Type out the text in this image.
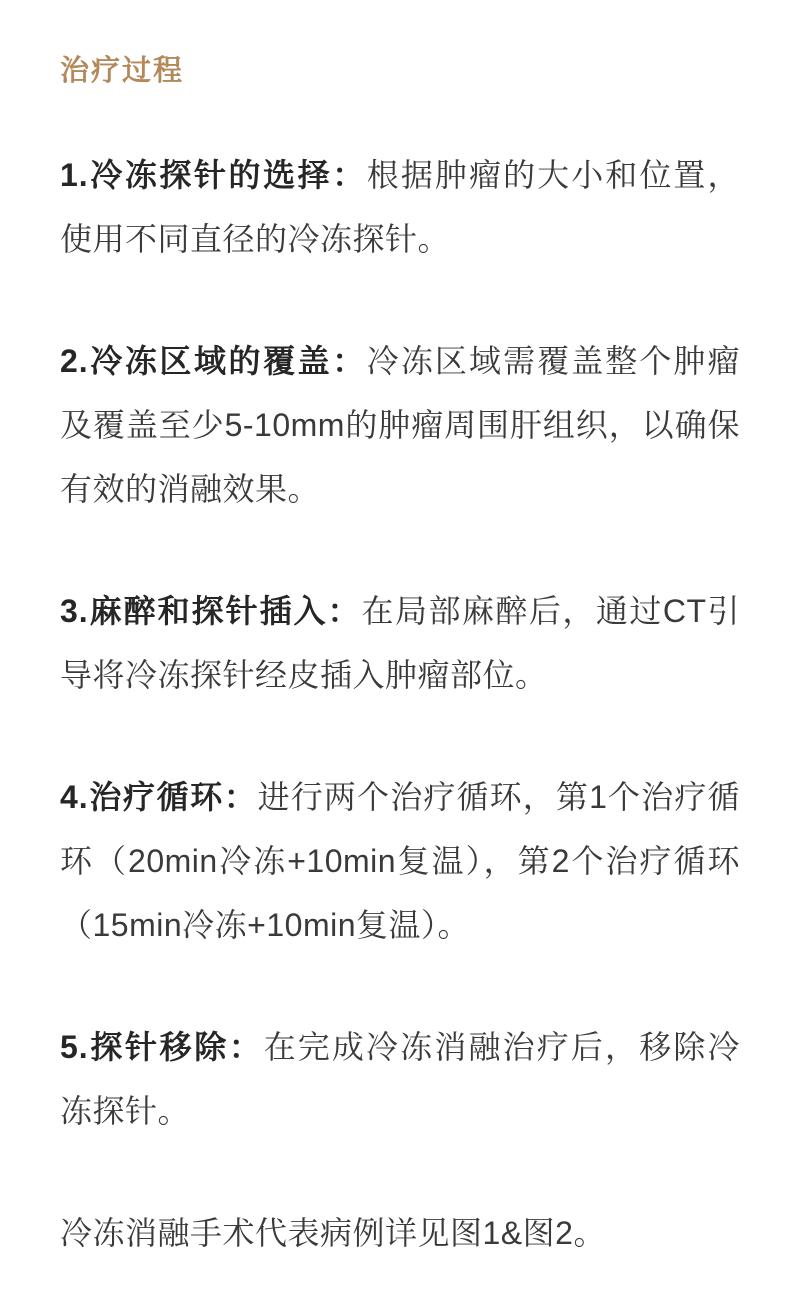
治疗过程

1.冷冻探针的选择：根据肿瘤的大小和位置，使用不同直径的冷冻探针。

2.冷冻区域的覆盖：冷冻区域需覆盖整个肿瘤及覆盖至少5-10mm的肿瘤周围肝组织，以确保有效的消融效果。

3.麻醉和探针插入：在局部麻醉后，通过CT引导将冷冻探针经皮插入肿瘤部位。

4.治疗循环：进行两个治疗循环，第1个治疗循环（20min冷冻+10min复温），第2个治疗循环（15min冷冻+10min复温）。

5.探针移除：在完成冷冻消融治疗后，移除冷冻探针。

冷冻消融手术代表病例详见图1&图2。
